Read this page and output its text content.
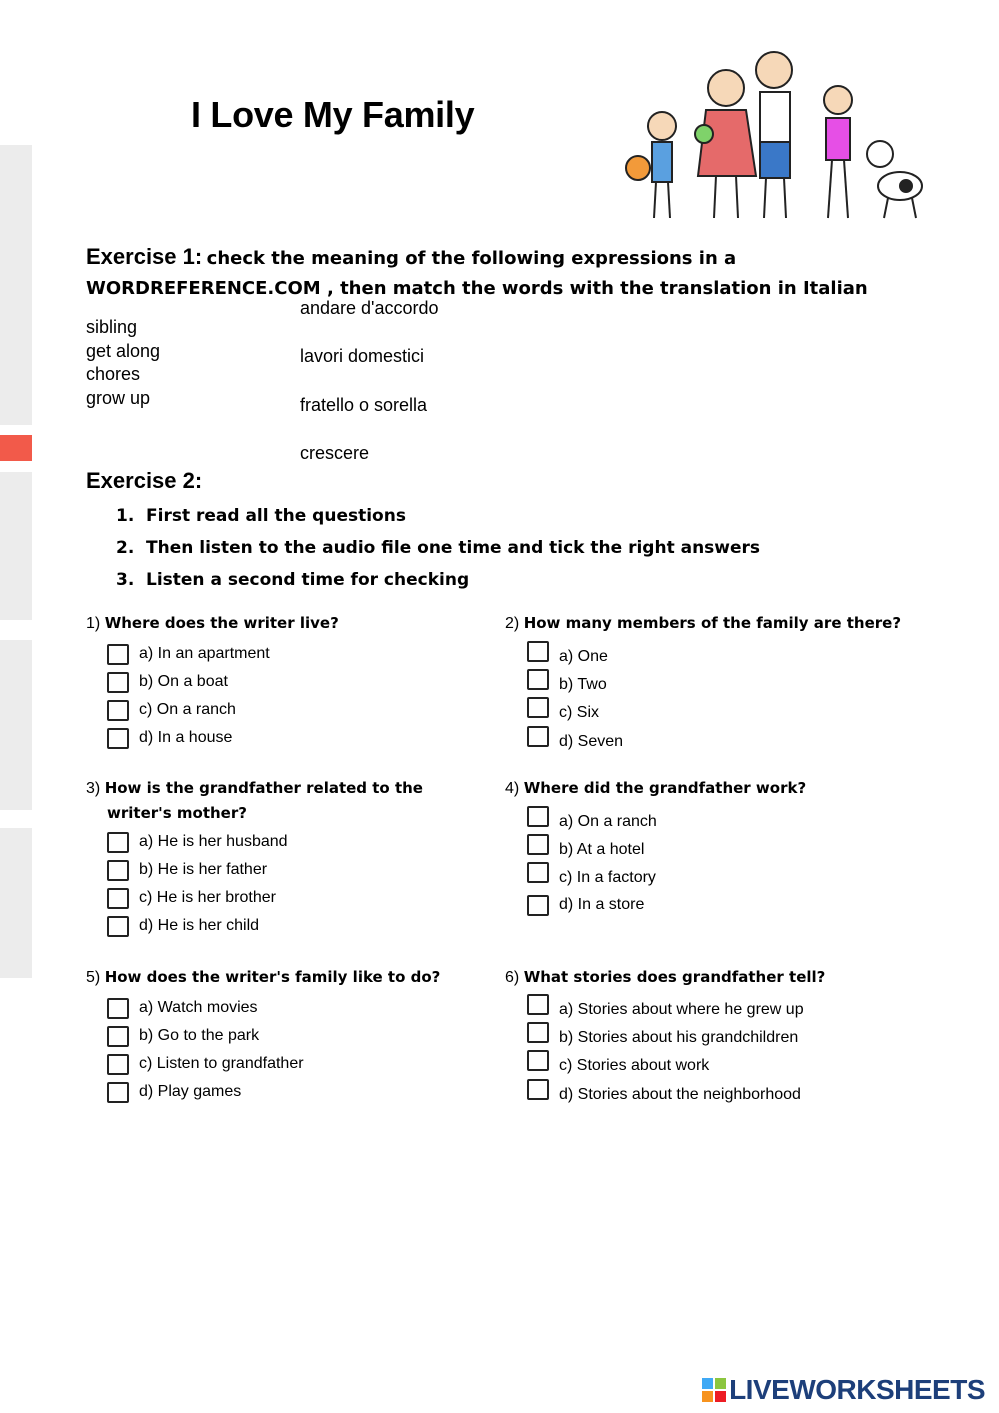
I Love My Family
Exercise 1: check the meaning of the following expressions in a
WORDREFERENCE.COM , then match the words with the translation in Italian
sibling
get along
chores
grow up
andare d'accordo
lavori domestici
fratello o sorella
crescere
Exercise 2:
1. First read all the questions
2. Then listen to the audio file one time and tick the right answers
3. Listen a second time for checking
1) Where does the writer live?
a) In an apartment
b) On a boat
c) On a ranch
d) In a house
2) How many members of the family are there?
a) One
b) Two
c) Six
d) Seven
3) How is the grandfather related to the
writer's mother?
a) He is her husband
b) He is her father
c) He is her brother
d) He is her child
4) Where did the grandfather work?
a) On a ranch
b) At a hotel
c) In a factory
d) In a store
5) How does the writer's family like to do?
a) Watch movies
b) Go to the park
c) Listen to grandfather
d) Play games
6) What stories does grandfather tell?
a) Stories about where he grew up
b) Stories about his grandchildren
c) Stories about work
d) Stories about the neighborhood
LIVEWORKSHEETS
